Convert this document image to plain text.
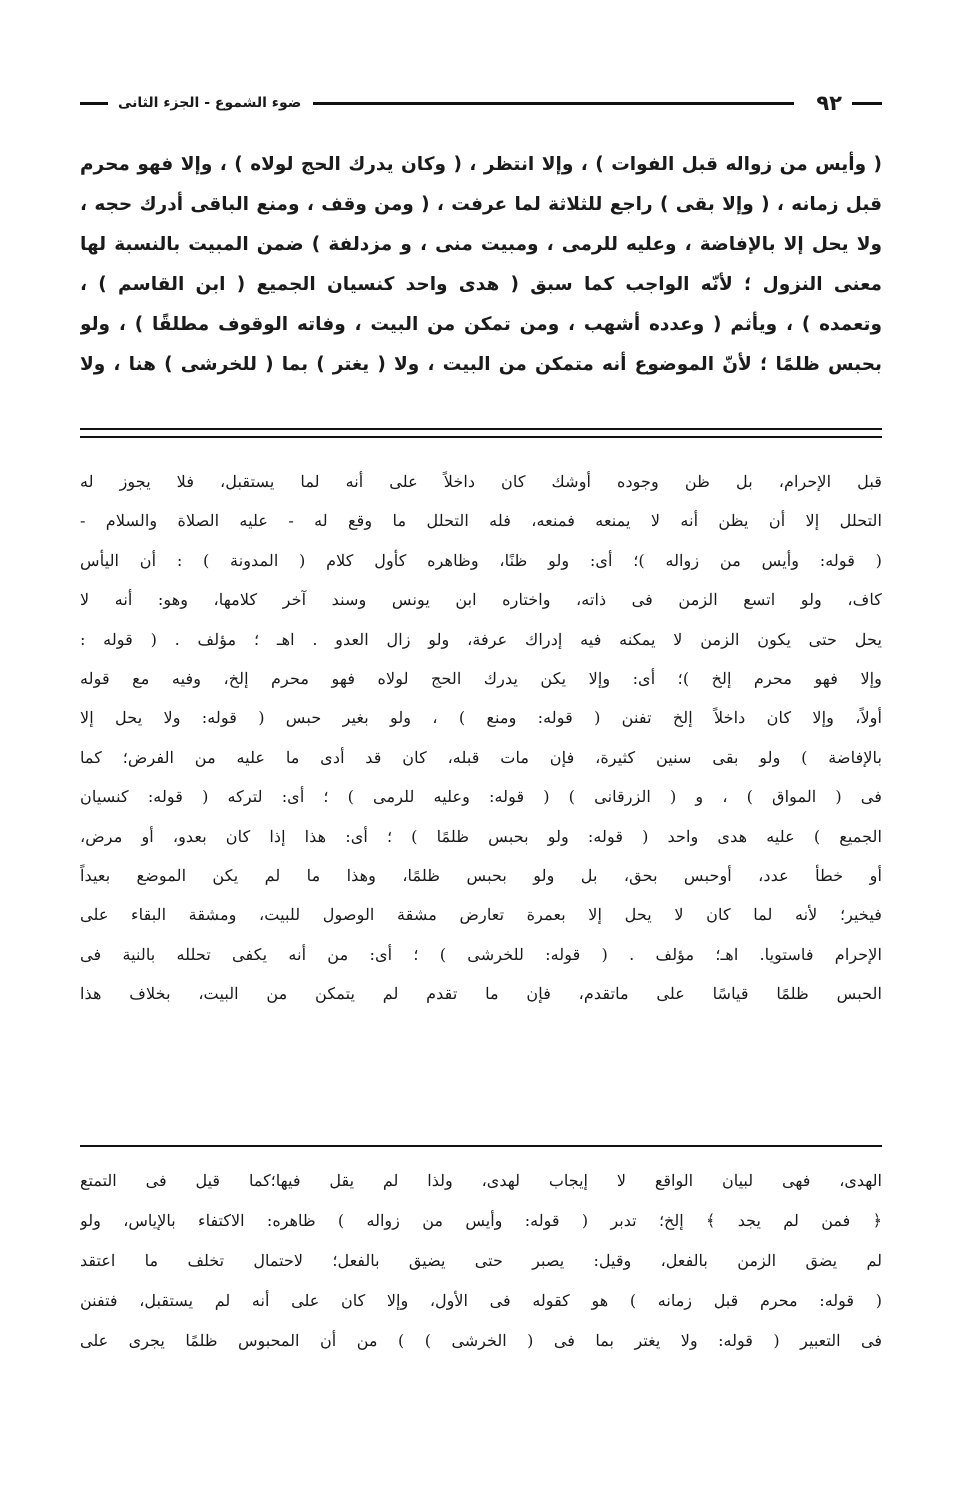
٩٢
ضوء الشموع - الجزء الثانى
( وأيس من زواله قبل الفوات ) ، وإلا انتظر ، ( وكان يدرك الحج لولاه ) ، وإلا فهو محرم
قبل زمانه ، ( وإلا بقى ) راجع للثلاثة لما عرفت ، ( ومن وقف ، ومنع الباقى أدرك حجه ،
ولا يحل إلا بالإفاضة ، وعليه للرمى ، ومبيت منى ، و مزدلفة ) ضمن المبيت بالنسبة لها
معنى النزول ؛ لأنّه الواجب كما سبق ( هدى واحد كنسيان الجميع ( ابن القاسم ) ،
وتعمده ) ، ويأثم ( وعدده أشهب ، ومن تمكن من البيت ، وفاته الوقوف مطلقًا ) ، ولو
بحبس ظلمًا ؛ لأنّ الموضوع أنه متمكن من البيت ، ولا ( يغتر ) بما ( للخرشى ) هنا ، ولا
قبل الإحرام، بل ظن وجوده أوشك كان داخلاً على أنه لما يستقبل، فلا يجوز له
التحلل إلا أن يظن أنه لا يمنعه فمنعه، فله التحلل ما وقع له - عليه الصلاة والسلام -
( قوله: وأيس من زواله )؛ أى: ولو ظنًا، وظاهره كأول كلام ( المدونة ) : أن اليأس
كاف، ولو اتسع الزمن فى ذاته، واختاره ابن يونس وسند آخر كلامها، وهو: أنه لا
يحل حتى يكون الزمن لا يمكنه فيه إدراك عرفة، ولو زال العدو . اهـ ؛ مؤلف . ( قوله :
وإلا فهو محرم إلخ )؛ أى: وإلا يكن يدرك الحج لولاه فهو محرم إلخ، وفيه مع قوله
أولاً، وإلا كان داخلاً إلخ تفنن ( قوله: ومنع ) ، ولو بغير حبس ( قوله: ولا يحل إلا
بالإفاضة ) ولو بقى سنين كثيرة، فإن مات قبله، كان قد أدى ما عليه من الفرض؛ كما
فى ( المواق ) ، و ( الزرقانى ) ( قوله: وعليه للرمى ) ؛ أى: لتركه ( قوله: كنسيان
الجميع ) عليه هدى واحد ( قوله: ولو بحبس ظلمًا ) ؛ أى: هذا إذا كان بعدو، أو مرض،
أو خطأ عدد، أوحبس بحق، بل ولو بحبس ظلمًا، وهذا ما لم يكن الموضع بعيداً
فيخير؛ لأنه لما كان لا يحل إلا بعمرة تعارض مشقة الوصول للبيت، ومشقة البقاء على
الإحرام فاستويا. اهـ؛ مؤلف . ( قوله: للخرشى ) ؛ أى: من أنه يكفى تحلله بالنية فى
الحبس ظلمًا قياسًا على ماتقدم، فإن ما تقدم لم يتمكن من البيت، بخلاف هذا
الهدى، فهى لبيان الواقع لا إيجاب لهدى، ولذا لم يقل فيها؛كما قيل فى التمتع
﴿ فمن لم يجد ﴾ إلخ؛ تدبر ( قوله: وأيس من زواله ) ظاهره: الاكتفاء بالإياس، ولو
لم يضق الزمن بالفعل، وقيل: يصبر حتى يضيق بالفعل؛ لاحتمال تخلف ما اعتقد
( قوله: محرم قبل زمانه ) هو كقوله فى الأول، وإلا كان على أنه لم يستقبل، فتفنن
فى التعبير ( قوله: ولا يغتر بما فى ( الخرشى ) ) من أن المحبوس ظلمًا يجرى على
